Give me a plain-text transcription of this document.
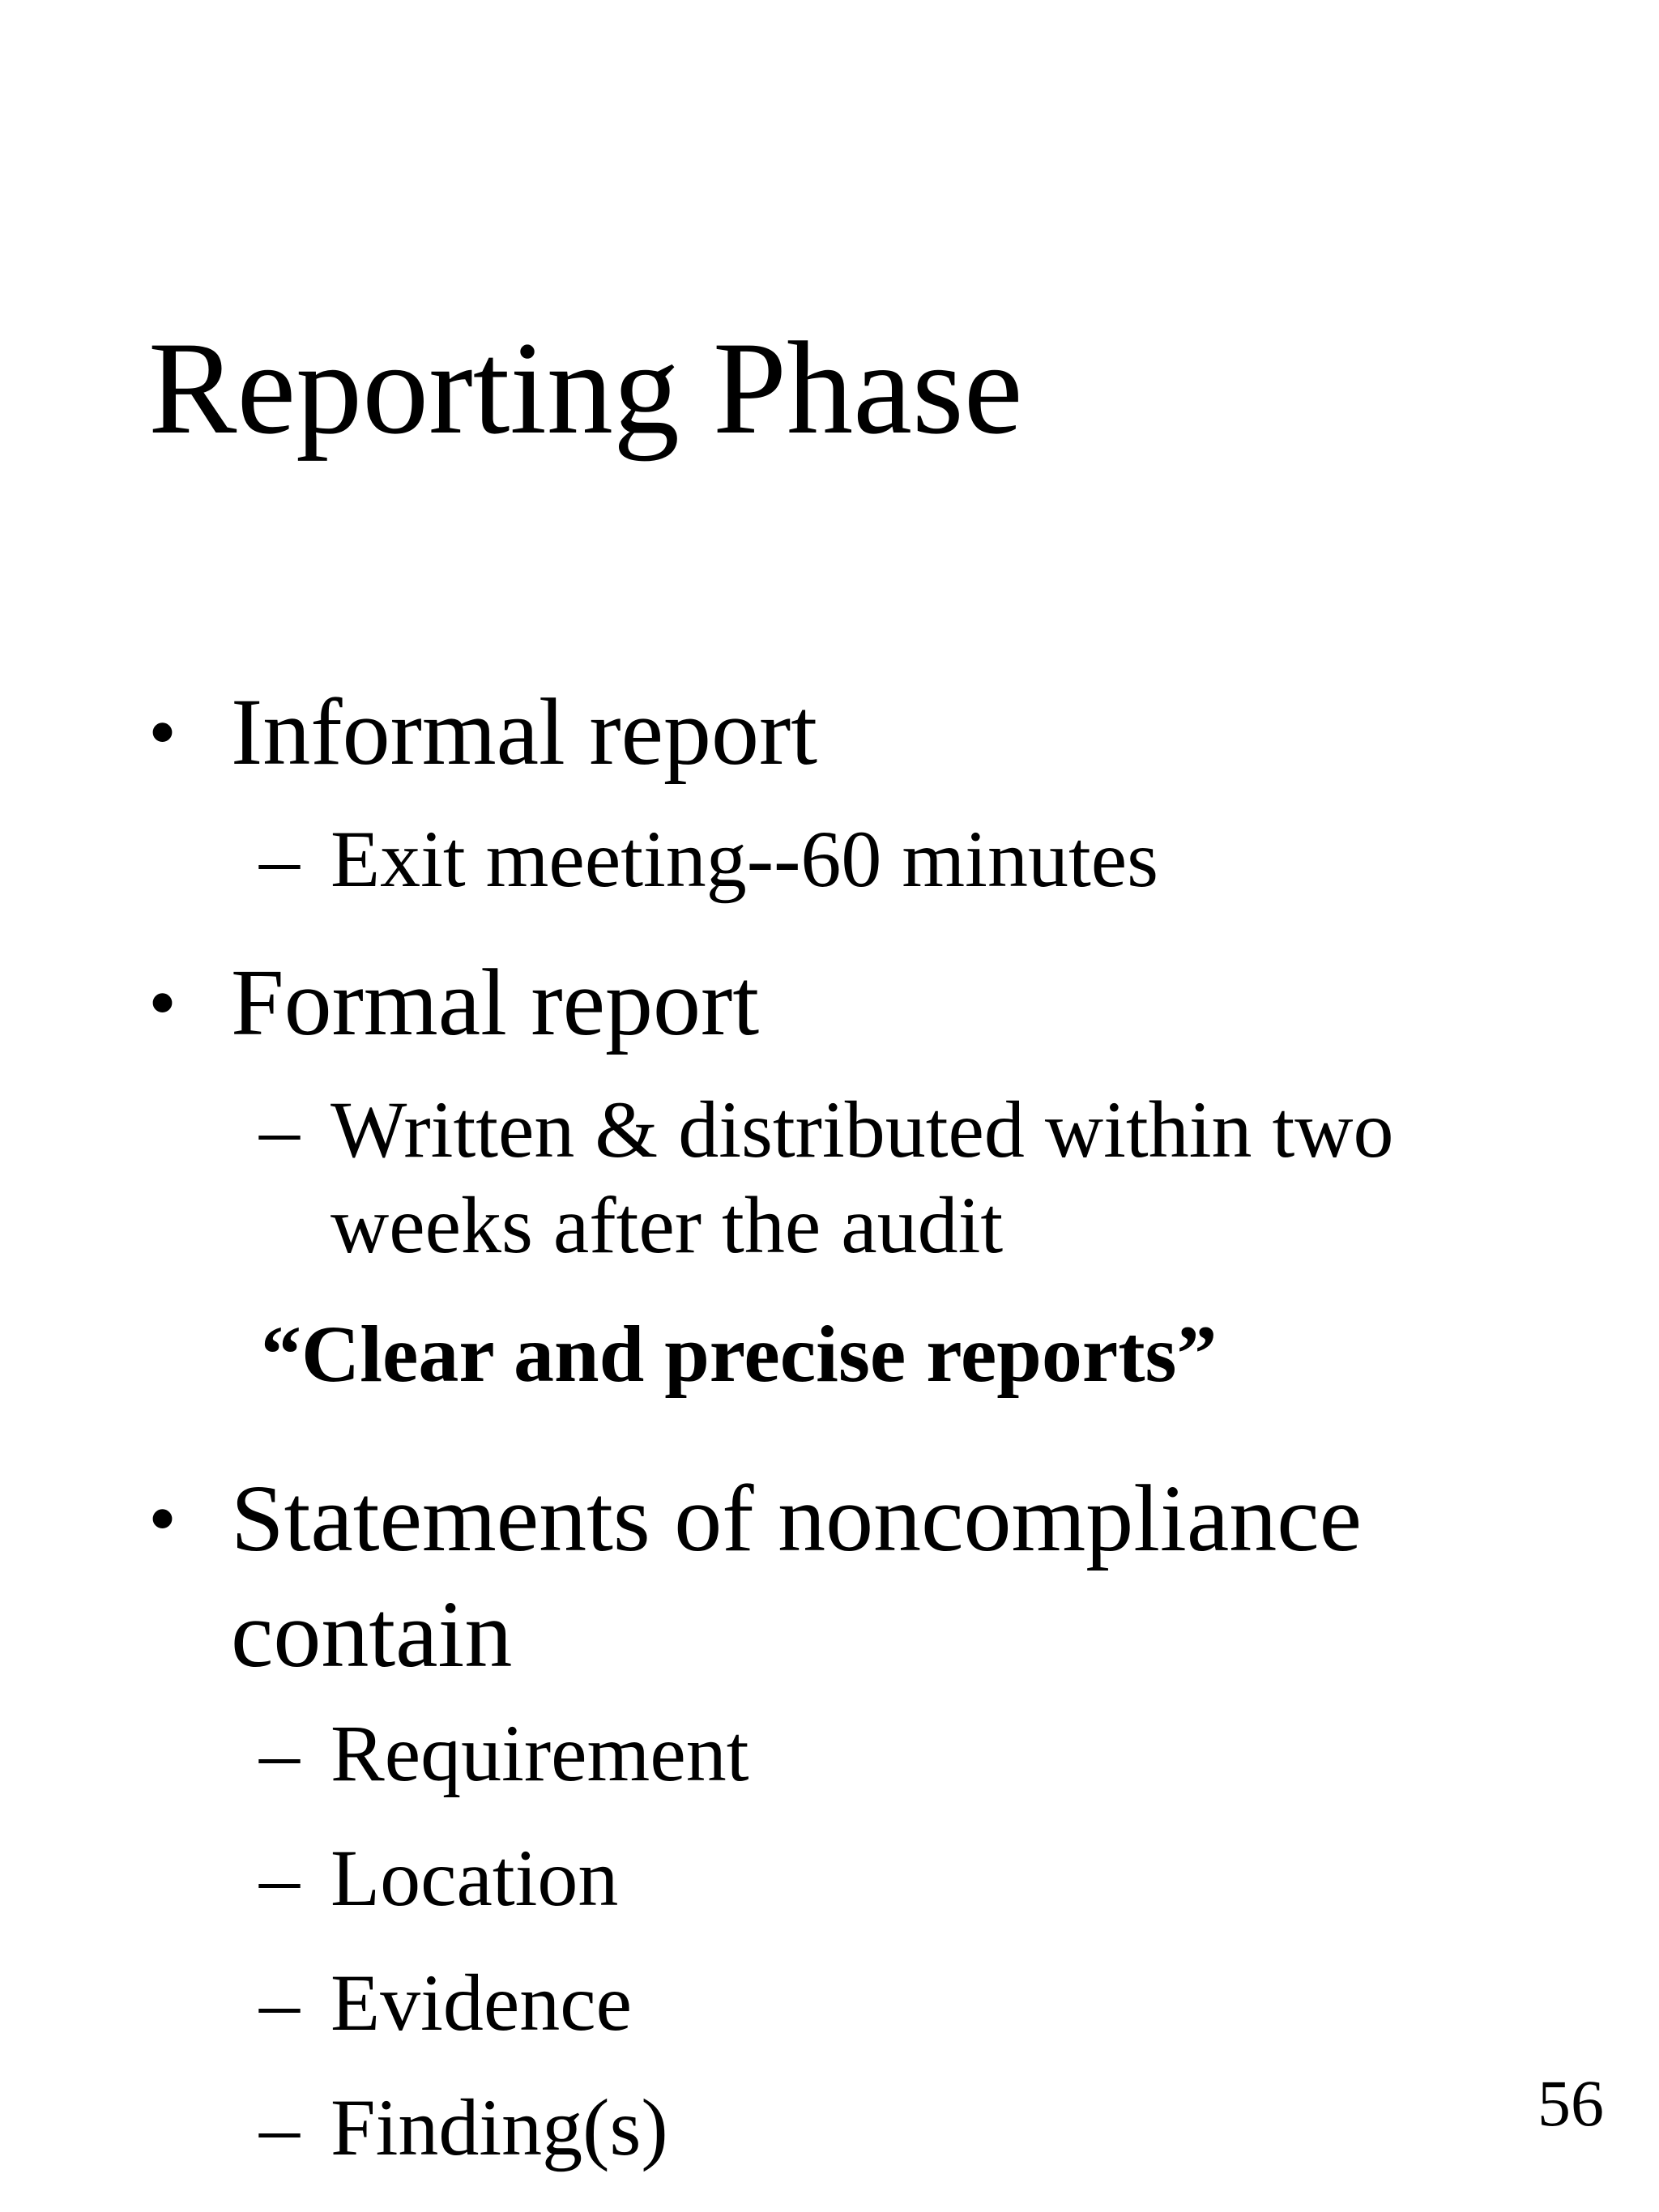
Reporting Phase
• Informal report
– Exit meeting--60 minutes
• Formal report
– Written & distributed within two
weeks after the audit
“Clear and precise reports”
• Statements of noncompliance
contain
– Requirement
– Location
– Evidence
– Finding(s)	56
